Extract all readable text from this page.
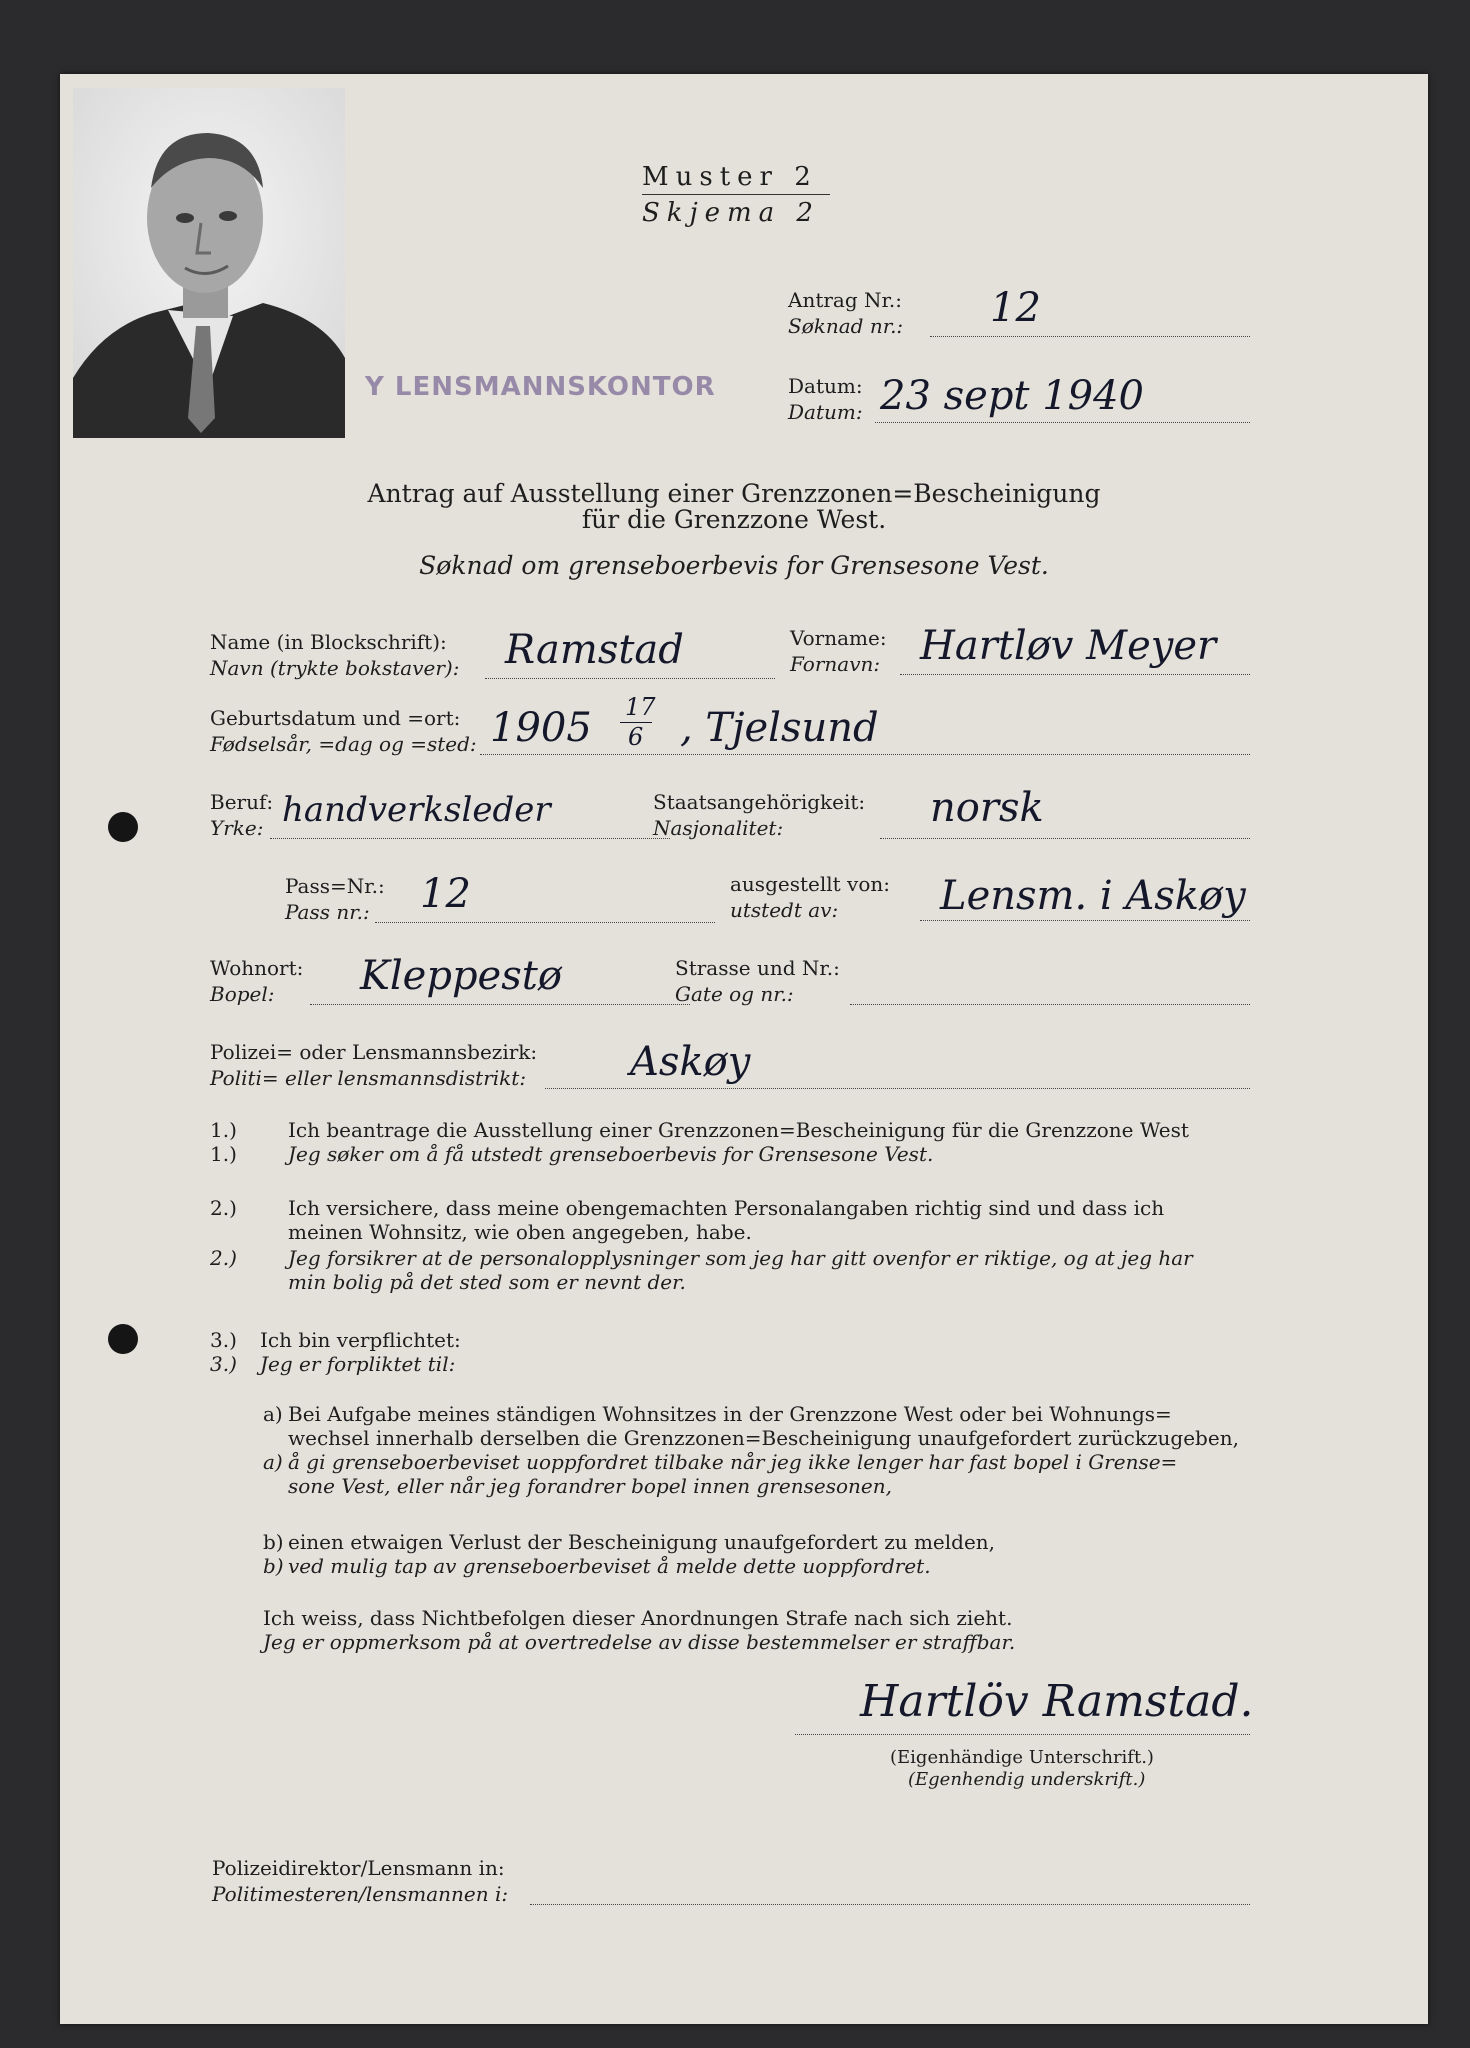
Y LENSMANNSKONTOR
Muster 2
Skjema 2
Antrag Nr.:
Søknad nr.: 12
Datum:
Datum: 23 sept 1940
Antrag auf Ausstellung einer Grenzzonen=Bescheinigung
für die Grenzzone West.
Søknad om grenseboerbevis for Grensesone Vest.
Name (in Blockschrift):
Navn (trykte bokstaver): Ramstad	Vorname:
Fornavn: Hartløv Meyer
Geburtsdatum und =ort:
Fødselsår, =dag og =sted: 1905 17
6 , Tjelsund
Beruf:
Yrke: handverksleder	Staatsangehörigkeit:
Nasjonalitet:	norsk
Pass=Nr.:
Pass nr.: 12	ausgestellt von:
utstedt av:	Lensm. i Askøy
Wohnort:
Bopel: Kleppestø	Strasse und Nr.:
Gate og nr.:
Polizei= oder Lensmannsbezirk:
Politi= eller lensmannsdistrikt:	Askøy
1.)	Ich beantrage die Ausstellung einer Grenzzonen=Bescheinigung für die Grenzzone West
1.)	Jeg søker om å få utstedt grenseboerbevis for Grensesone Vest.
2.)	Ich versichere, dass meine obengemachten Personalangaben richtig sind und dass ich
meinen Wohnsitz, wie oben angegeben, habe.
2.)	Jeg forsikrer at de personalopplysninger som jeg har gitt ovenfor er riktige, og at jeg har
min bolig på det sted som er nevnt der.
3.) Ich bin verpflichtet:
3.) Jeg er forpliktet til:
a) Bei Aufgabe meines ständigen Wohnsitzes in der Grenzzone West oder bei Wohnungs=
wechsel innerhalb derselben die Grenzzonen=Bescheinigung unaufgefordert zurückzugeben,
a) å gi grenseboerbeviset uoppfordret tilbake når jeg ikke lenger har fast bopel i Grense=
sone Vest, eller når jeg forandrer bopel innen grensesonen,
b) einen etwaigen Verlust der Bescheinigung unaufgefordert zu melden,
b) ved mulig tap av grenseboerbeviset å melde dette uoppfordret.
Ich weiss, dass Nichtbefolgen dieser Anordnungen Strafe nach sich zieht.
Jeg er oppmerksom på at overtredelse av disse bestemmelser er straffbar.
Hartlöv Ramstad.
(Eigenhändige Unterschrift.)
(Egenhendig underskrift.)
Polizeidirektor/Lensmann in:
Politimesteren/lensmannen i:
